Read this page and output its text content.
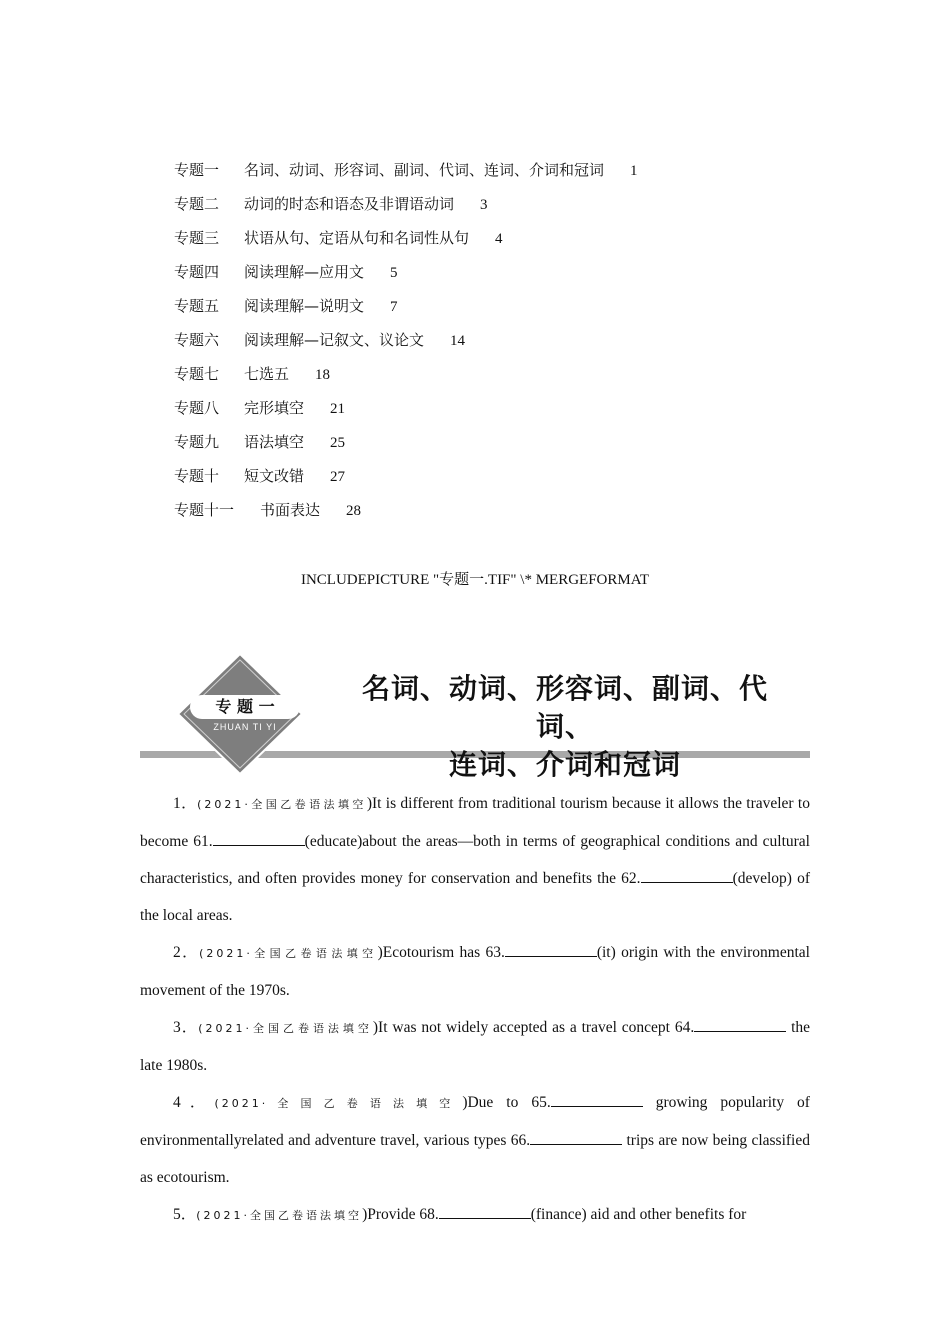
专题一 名词、动词、形容词、副词、代词、连词、介词和冠词 1
专题二 动词的时态和语态及非谓语动词 3
专题三 状语从句、定语从句和名词性从句 4
专题四 阅读理解—应用文 5
专题五 阅读理解—说明文 7
专题六 阅读理解—记叙文、议论文 14
专题七 七选五 18
专题八 完形填空 21
专题九 语法填空 25
专题十 短文改错 27
专题十一 书面表达 28
INCLUDEPICTURE "专题一.TIF" \* MERGEFORMAT
专 题 一
ZHUAN TI YI
名词、动词、形容词、副词、代词、
连词、介词和冠词

1．(2021·全国乙卷语法填空)It is different from traditional tourism because it allows the traveler to become 61.	(educate)about the areas—both in terms of geographical conditions and cultural characteristics, and often provides money for conservation and benefits the 62.	(develop) of the local areas.

2．(2021·全国乙卷语法填空)Ecotourism has 63.	(it) origin with the environmental movement of the 1970s.

3．(2021·全国乙卷语法填空)It was not widely accepted as a travel concept 64.	the late 1980s.

4．(2021·全国乙卷语法填空)Due to 65.	growing popularity of environmentallyrelated and adventure travel, various types 66.	trips are now being classified as ecotourism.

5．(2021·全国乙卷语法填空)Provide 68.	(finance) aid and other benefits for
